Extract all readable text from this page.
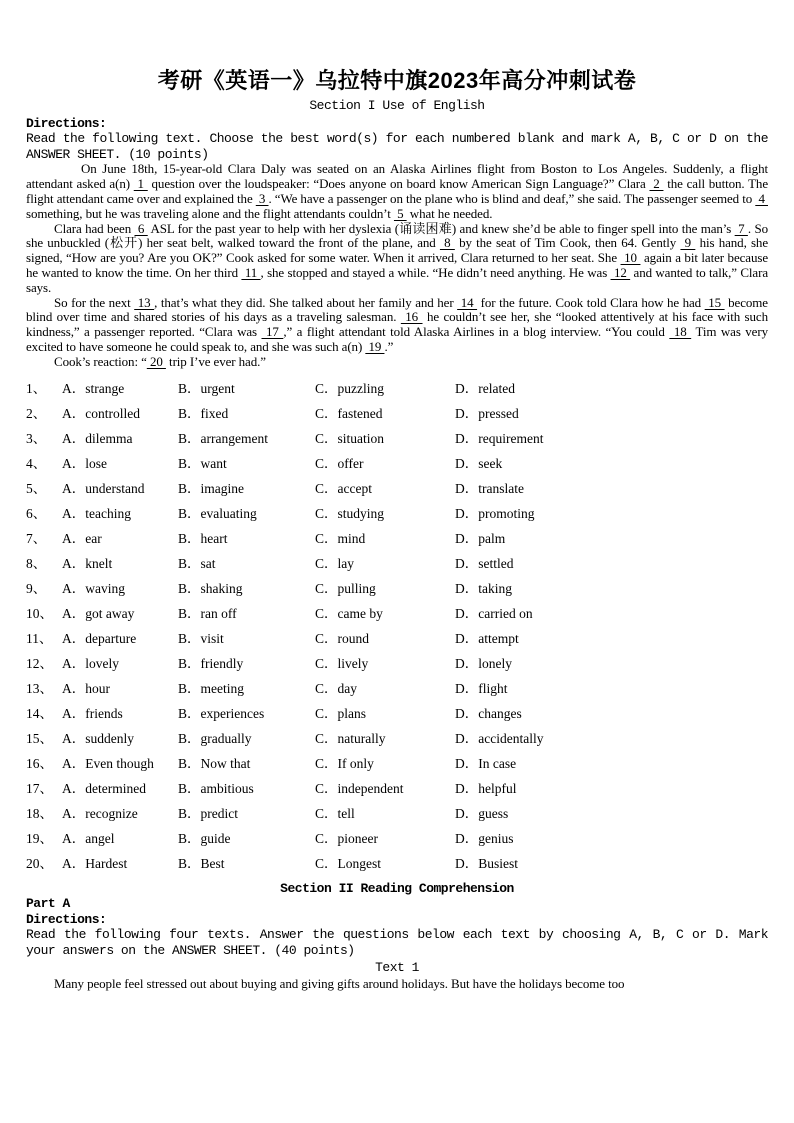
考研《英语一》乌拉特中旗2023年高分冲刺试卷
Section I Use of English
Directions:
Read the following text. Choose the best word(s) for each numbered blank and mark A, B, C or D on the ANSWER SHEET. (10 points)

On June 18th, 15-year-old Clara Daly was seated on an Alaska Airlines flight from Boston to Los Angeles. Suddenly, a flight attendant asked a(n)  1  question over the loudspeaker: “Does anyone on board know American Sign Language?” Clara  2  the call button. The flight attendant came over and explained the  3 . “We have a passenger on the plane who is blind and deaf,” she said. The passenger seemed to  4  something, but he was traveling alone and the flight attendants couldn’t  5  what he needed.

Clara had been  6  ASL for the past year to help with her dyslexia (诵读困难) and knew she’d be able to finger spell into the man’s  7 . So she unbuckled (松开) her seat belt, walked toward the front of the plane, and  8  by the seat of Tim Cook, then 64. Gently  9  his hand, she signed, “How are you? Are you OK?” Cook asked for some water. When it arrived, Clara returned to her seat. She  10  again a bit later because he wanted to know the time. On her third  11 , she stopped and stayed a while. “He didn’t need anything. He was  12  and wanted to talk,” Clara says.

So for the next  13 , that’s what they did. She talked about her family and her  14  for the future. Cook told Clara how he had  15  become blind over time and shared stories of his days as a traveling salesman.  16  he couldn’t see her, she “looked attentively at his face with such kindness,” a passenger reported. “Clara was  17 ,” a flight attendant told Alaska Airlines in a blog interview. “You could  18  Tim was very excited to have someone he could speak to, and she was such a(n)  19 .”

Cook’s reaction: “ 20  trip I’ve ever had.”

1、	A．strange	B．urgent	C．puzzling	D．related
2、	A．controlled	B．fixed	C．fastened	D．pressed
3、	A．dilemma	B．arrangement	C．situation	D．requirement
4、	A．lose	B．want	C．offer	D．seek
5、	A．understand	B．imagine	C．accept	D．translate
6、	A．teaching	B．evaluating	C．studying	D．promoting
7、	A．ear	B．heart	C．mind	D．palm
8、	A．knelt	B．sat	C．lay	D．settled
9、	A．waving	B．shaking	C．pulling	D．taking
10、 A．got away	B．ran off	C．came by	D．carried on
11、 A．departure	B．visit	C．round	D．attempt
12、 A．lovely	B．friendly	C．lively	D．lonely
13、 A．hour	B．meeting	C．day	D．flight
14、 A．friends	B．experiences	C．plans	D．changes
15、 A．suddenly	B．gradually	C．naturally	D．accidentally
16、 A．Even though	B．Now that	C．If only	D．In case
17、 A．determined	B．ambitious	C．independent	D．helpful
18、 A．recognize	B．predict	C．tell	D．guess
19、 A．angel	B．guide	C．pioneer	D．genius
20、 A．Hardest	B．Best	C．Longest	D．Busiest
Section II Reading Comprehension
Part A
Directions:
Read the following four texts. Answer the questions below each text by choosing A, B, C or D. Mark your answers on the ANSWER SHEET. (40 points)
Text 1

Many people feel stressed out about buying and giving gifts around holidays. But have the holidays become too
